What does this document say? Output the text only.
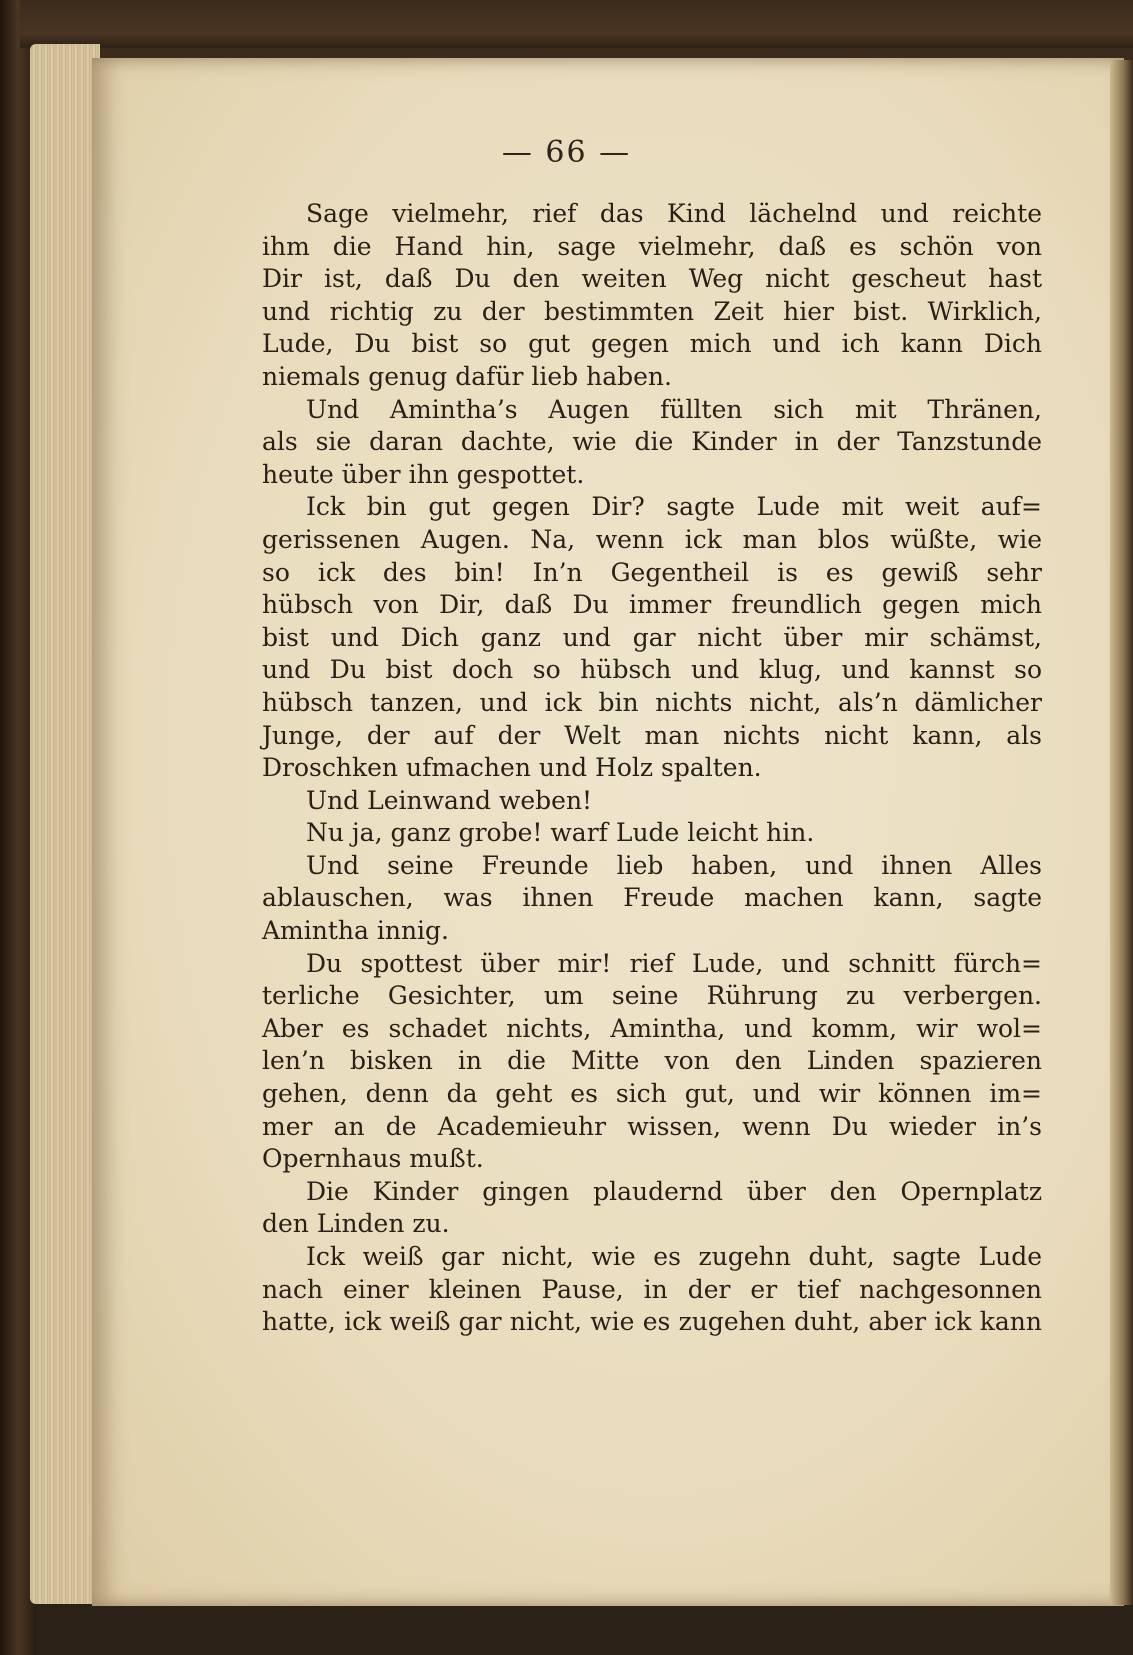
— 66 —
Sage vielmehr, rief das Kind lächelnd und reichte
ihm die Hand hin, sage vielmehr, daß es schön von
Dir ist, daß Du den weiten Weg nicht gescheut hast
und richtig zu der bestimmten Zeit hier bist. Wirklich,
Lude, Du bist so gut gegen mich und ich kann Dich
niemals genug dafür lieb haben.
Und Amintha’s Augen füllten sich mit Thränen,
als sie daran dachte, wie die Kinder in der Tanzstunde
heute über ihn gespottet.
Ick bin gut gegen Dir? sagte Lude mit weit auf=
gerissenen Augen. Na, wenn ick man blos wüßte, wie
so ick des bin! In’n Gegentheil is es gewiß sehr
hübsch von Dir, daß Du immer freundlich gegen mich
bist und Dich ganz und gar nicht über mir schämst,
und Du bist doch so hübsch und klug, und kannst so
hübsch tanzen, und ick bin nichts nicht, als’n dämlicher
Junge, der auf der Welt man nichts nicht kann, als
Droschken ufmachen und Holz spalten.
Und Leinwand weben!
Nu ja, ganz grobe! warf Lude leicht hin.
Und seine Freunde lieb haben, und ihnen Alles
ablauschen, was ihnen Freude machen kann, sagte
Amintha innig.
Du spottest über mir! rief Lude, und schnitt fürch=
terliche Gesichter, um seine Rührung zu verbergen.
Aber es schadet nichts, Amintha, und komm, wir wol=
len’n bisken in die Mitte von den Linden spazieren
gehen, denn da geht es sich gut, und wir können im=
mer an de Academieuhr wissen, wenn Du wieder in’s
Opernhaus mußt.
Die Kinder gingen plaudernd über den Opernplatz
den Linden zu.
Ick weiß gar nicht, wie es zugehn duht, sagte Lude
nach einer kleinen Pause, in der er tief nachgesonnen
hatte, ick weiß gar nicht, wie es zugehen duht, aber ick kann
